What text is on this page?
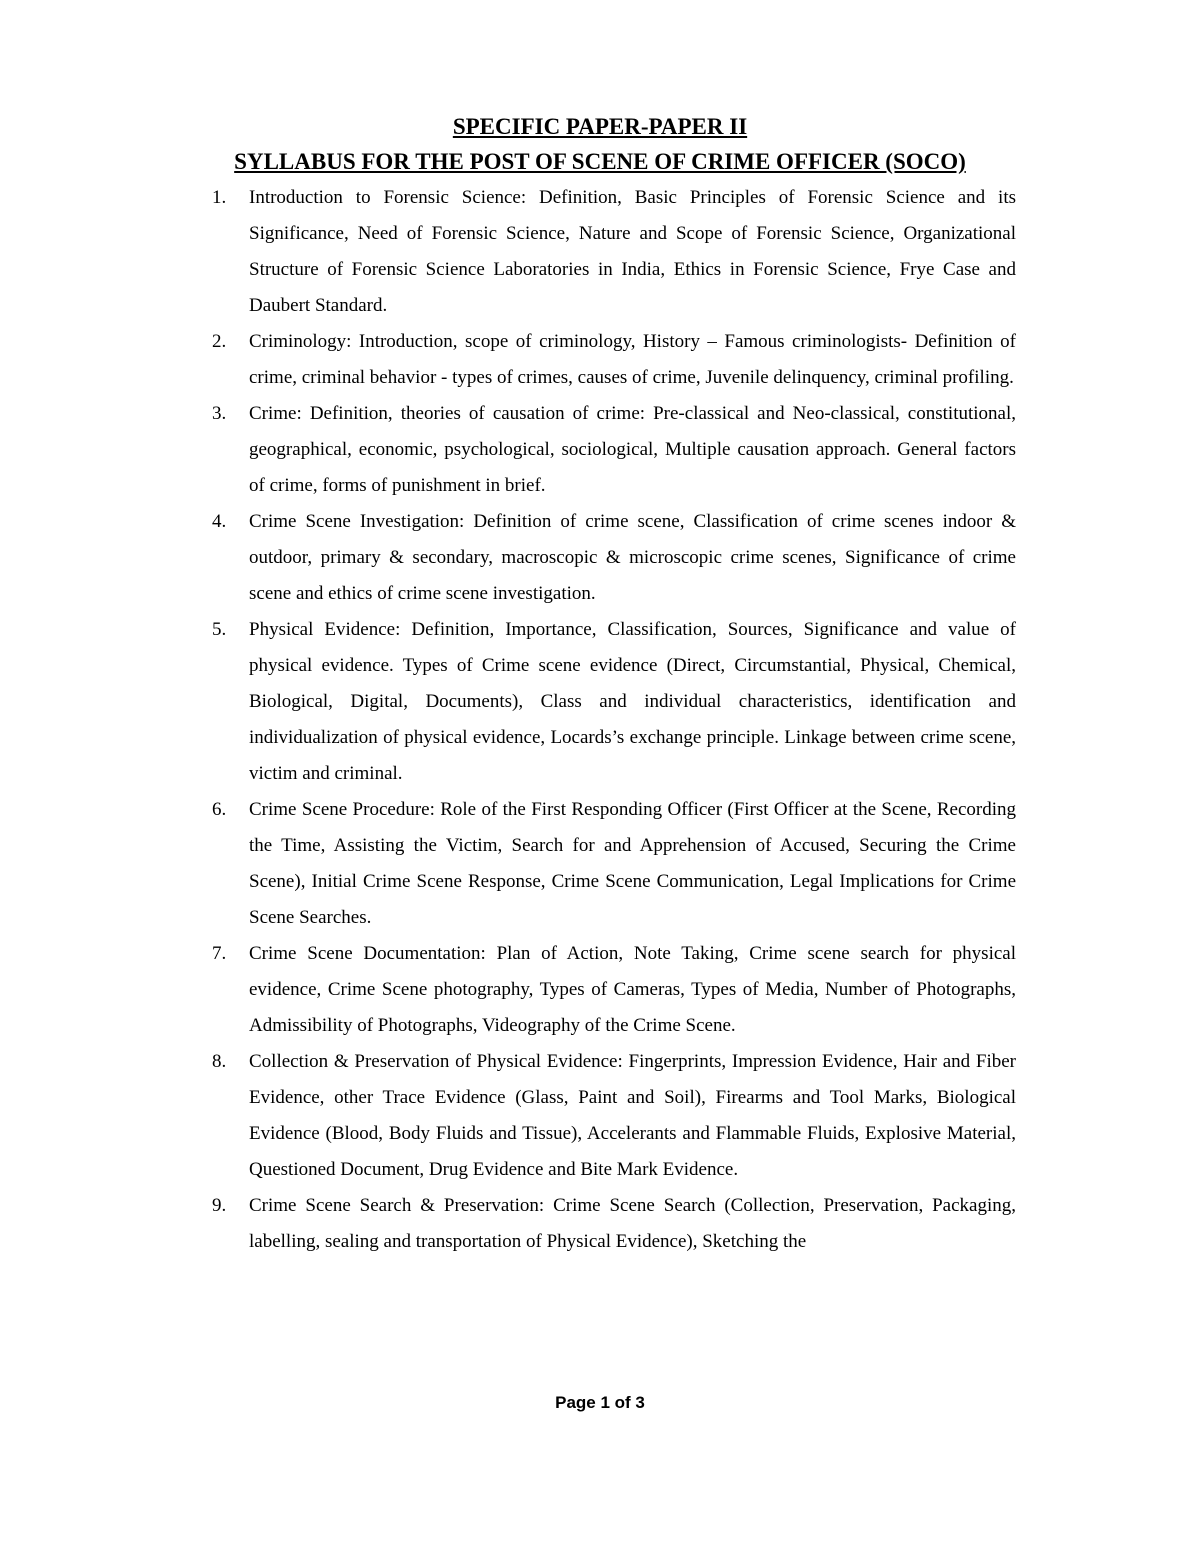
SPECIFIC PAPER-PAPER II
SYLLABUS FOR THE POST OF SCENE OF CRIME OFFICER (SOCO)
1.	Introduction to Forensic Science: Definition, Basic Principles of Forensic Science and its Significance, Need of Forensic Science, Nature and Scope of Forensic Science, Organizational Structure of Forensic Science Laboratories in India, Ethics in Forensic Science, Frye Case and Daubert Standard.
2.	Criminology: Introduction, scope of criminology, History – Famous criminologists- Definition of crime, criminal behavior - types of crimes, causes of crime, Juvenile delinquency, criminal profiling.
3.	Crime: Definition, theories of causation of crime: Pre-classical and Neo-classical, constitutional, geographical, economic, psychological, sociological, Multiple causation approach. General factors of crime, forms of punishment in brief.
4.	Crime Scene Investigation: Definition of crime scene, Classification of crime scenes indoor & outdoor, primary & secondary, macroscopic & microscopic crime scenes, Significance of crime scene and ethics of crime scene investigation.
5.	Physical Evidence: Definition, Importance, Classification, Sources, Significance and value of physical evidence. Types of Crime scene evidence (Direct, Circumstantial, Physical, Chemical, Biological, Digital, Documents), Class and individual characteristics, identification and individualization of physical evidence, Locards’s exchange principle. Linkage between crime scene, victim and criminal.
6.	Crime Scene Procedure: Role of the First Responding Officer (First Officer at the Scene, Recording the Time, Assisting the Victim, Search for and Apprehension of Accused, Securing the Crime Scene), Initial Crime Scene Response, Crime Scene Communication, Legal Implications for Crime Scene Searches.
7.	Crime Scene Documentation: Plan of Action, Note Taking, Crime scene search for physical evidence, Crime Scene photography, Types of Cameras, Types of Media, Number of Photographs, Admissibility of Photographs, Videography of the Crime Scene.
8.	Collection & Preservation of Physical Evidence: Fingerprints, Impression Evidence, Hair and Fiber Evidence, other Trace Evidence (Glass, Paint and Soil), Firearms and Tool Marks, Biological Evidence (Blood, Body Fluids and Tissue), Accelerants and Flammable Fluids, Explosive Material, Questioned Document, Drug Evidence and Bite Mark Evidence.
9.	Crime Scene Search & Preservation: Crime Scene Search (Collection, Preservation, Packaging, labelling, sealing and transportation of Physical Evidence), Sketching the
Page 1 of 3
